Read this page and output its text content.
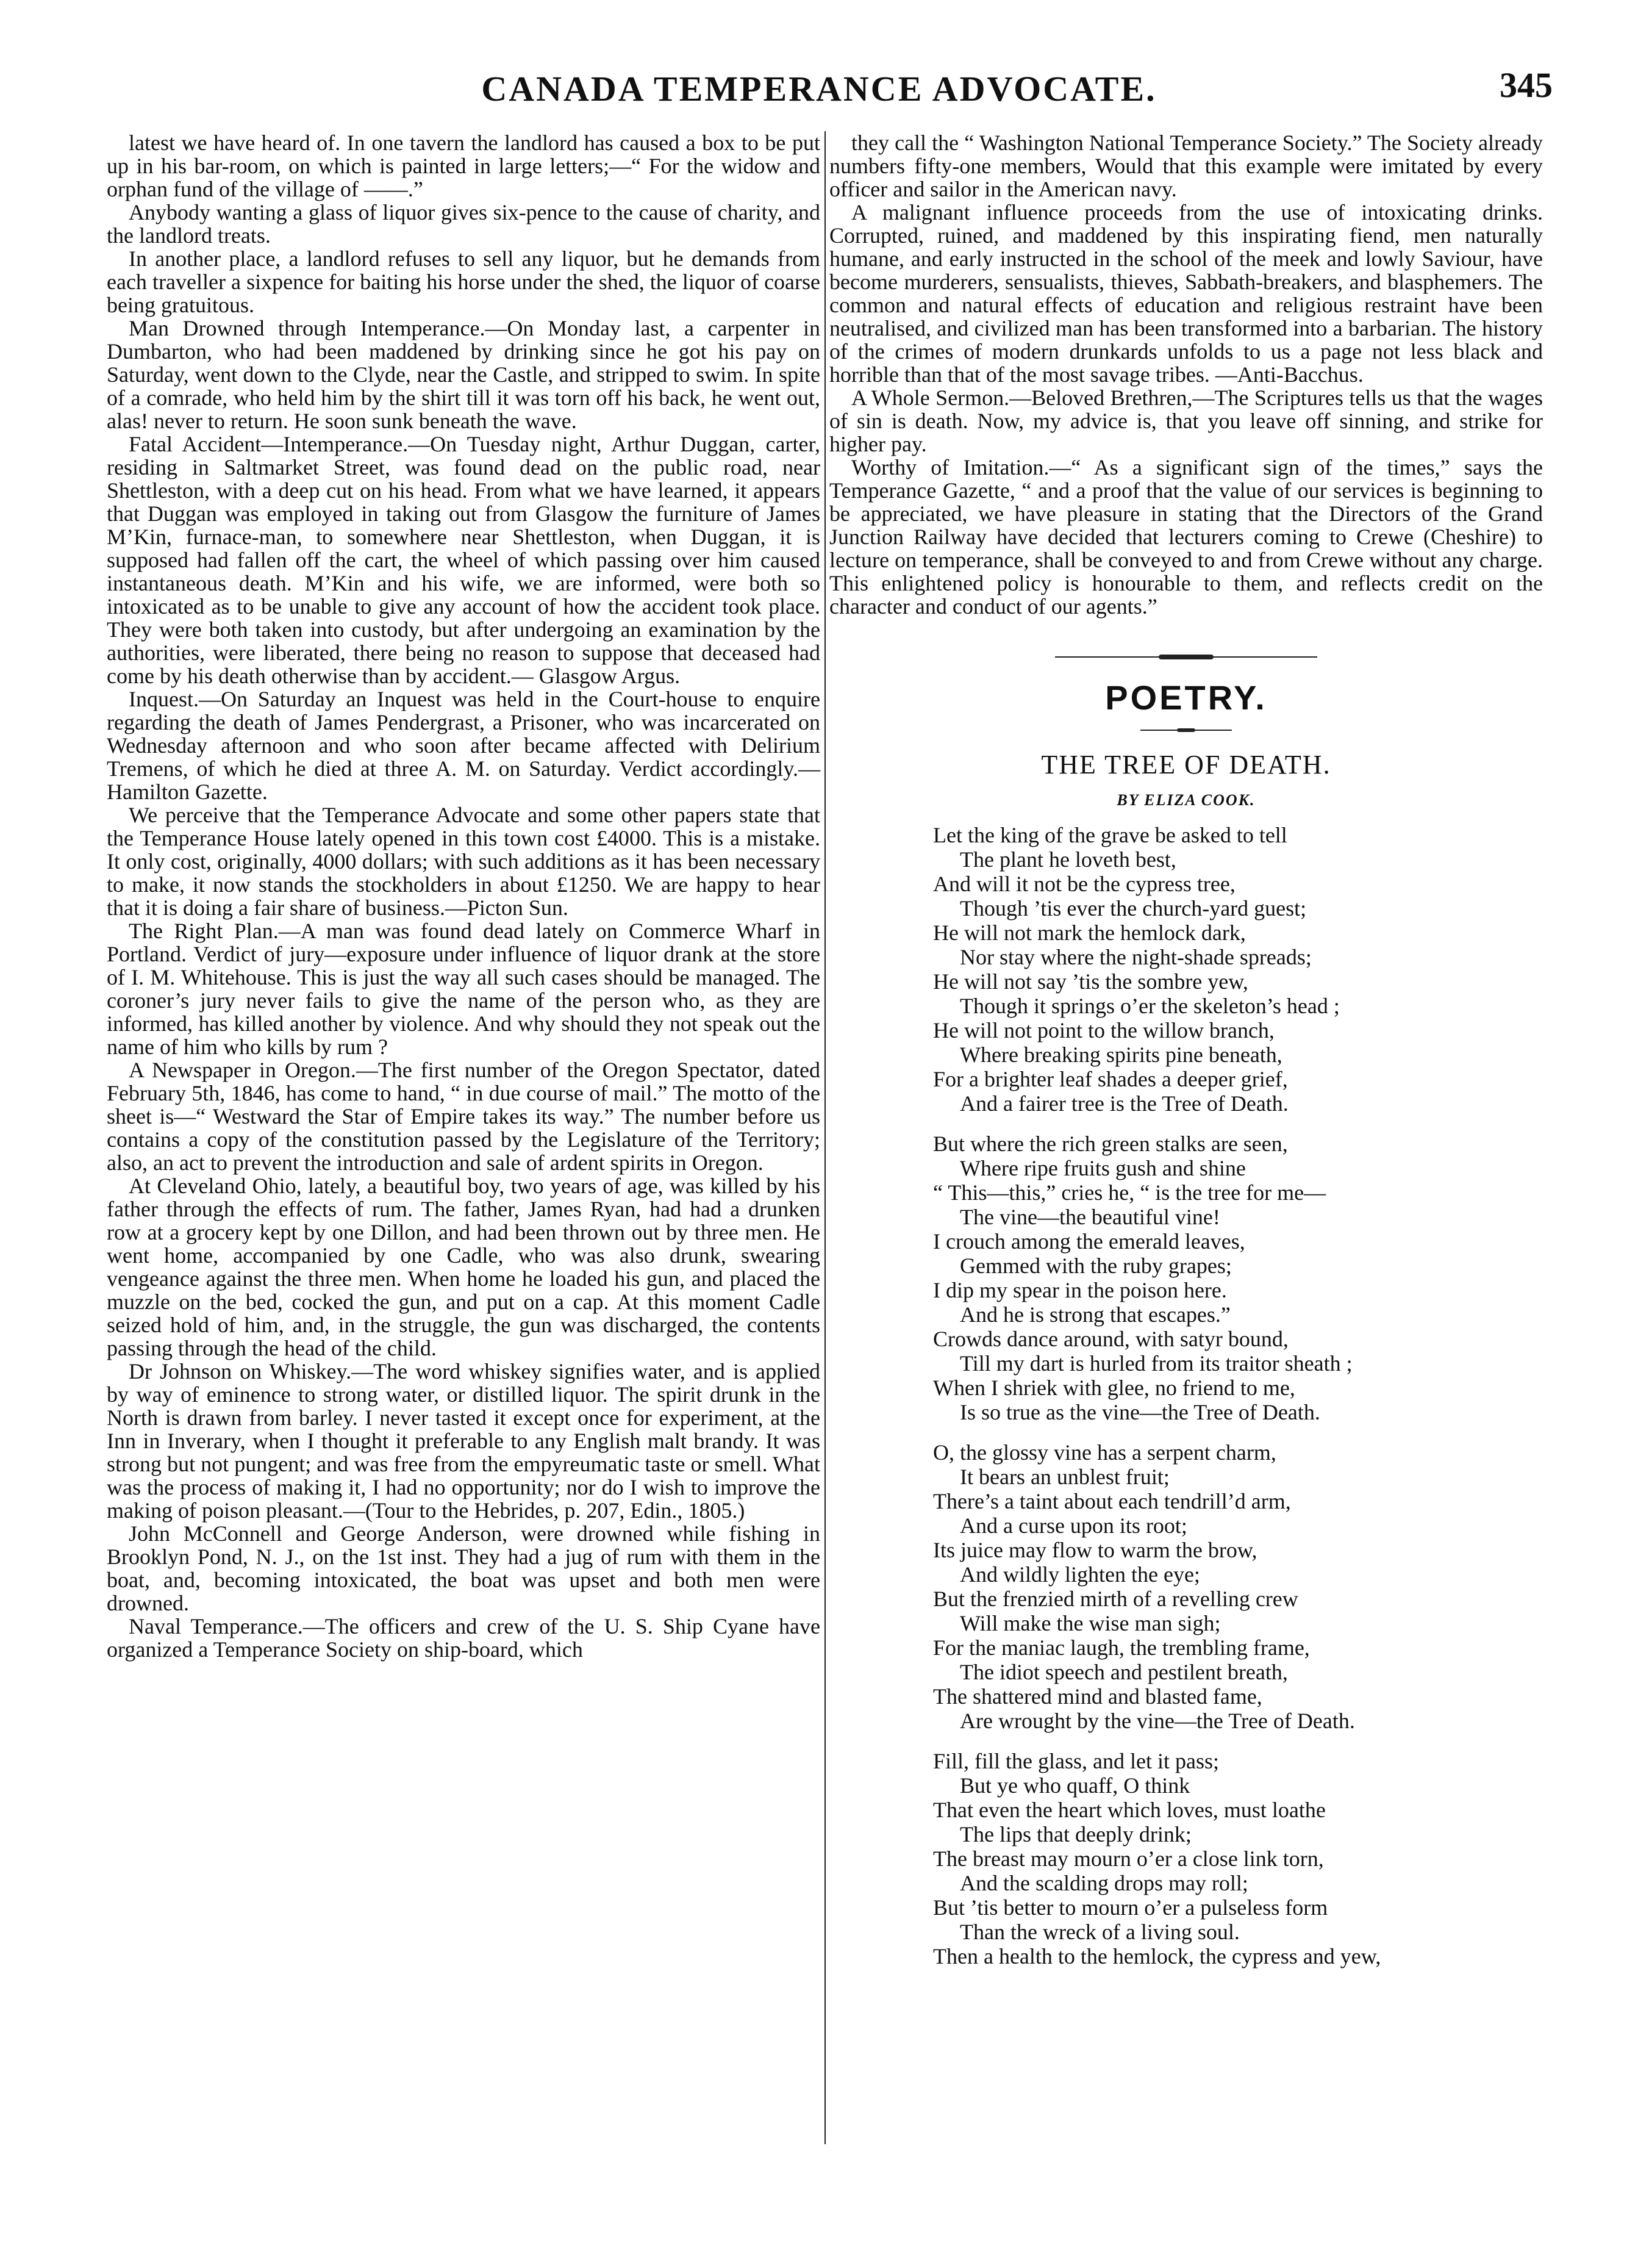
CANADA TEMPERANCE ADVOCATE.	345

latest we have heard of. In one tavern the landlord has caused a box to be put up in his bar-room, on which is painted in large letters;—“ For the widow and orphan fund of the village of ——.”

Anybody wanting a glass of liquor gives six-pence to the cause of charity, and the landlord treats.

In another place, a landlord refuses to sell any liquor, but he demands from each traveller a sixpence for baiting his horse under the shed, the liquor of coarse being gratuitous.

Man Drowned through Intemperance.—On Monday last, a carpenter in Dumbarton, who had been maddened by drinking since he got his pay on Saturday, went down to the Clyde, near the Castle, and stripped to swim. In spite of a comrade, who held him by the shirt till it was torn off his back, he went out, alas! never to return. He soon sunk beneath the wave.

Fatal Accident—Intemperance.—On Tuesday night, Arthur Duggan, carter, residing in Saltmarket Street, was found dead on the public road, near Shettleston, with a deep cut on his head. From what we have learned, it appears that Duggan was employed in taking out from Glasgow the furniture of James M’Kin, furnace-man, to somewhere near Shettleston, when Duggan, it is supposed had fallen off the cart, the wheel of which passing over him caused instantaneous death. M’Kin and his wife, we are informed, were both so intoxicated as to be unable to give any account of how the accident took place. They were both taken into custody, but after undergoing an examination by the authorities, were liberated, there being no reason to suppose that deceased had come by his death otherwise than by accident.— Glasgow Argus.

Inquest.—On Saturday an Inquest was held in the Court-house to enquire regarding the death of James Pendergrast, a Prisoner, who was incarcerated on Wednesday afternoon and who soon after became affected with Delirium Tremens, of which he died at three A. M. on Saturday. Verdict accordingly.—Hamilton Gazette.

We perceive that the Temperance Advocate and some other papers state that the Temperance House lately opened in this town cost £4000. This is a mistake. It only cost, originally, 4000 dollars; with such additions as it has been necessary to make, it now stands the stockholders in about £1250. We are happy to hear that it is doing a fair share of business.—Picton Sun.

The Right Plan.—A man was found dead lately on Commerce Wharf in Portland. Verdict of jury—exposure under influence of liquor drank at the store of I. M. Whitehouse. This is just the way all such cases should be managed. The coroner’s jury never fails to give the name of the person who, as they are informed, has killed another by violence. And why should they not speak out the name of him who kills by rum ?

A Newspaper in Oregon.—The first number of the Oregon Spectator, dated February 5th, 1846, has come to hand, “ in due course of mail.” The motto of the sheet is—“ Westward the Star of Empire takes its way.” The number before us contains a copy of the constitution passed by the Legislature of the Territory; also, an act to prevent the introduction and sale of ardent spirits in Oregon.

At Cleveland Ohio, lately, a beautiful boy, two years of age, was killed by his father through the effects of rum. The father, James Ryan, had had a drunken row at a grocery kept by one Dillon, and had been thrown out by three men. He went home, accompanied by one Cadle, who was also drunk, swearing vengeance against the three men. When home he loaded his gun, and placed the muzzle on the bed, cocked the gun, and put on a cap. At this moment Cadle seized hold of him, and, in the struggle, the gun was discharged, the contents passing through the head of the child.

Dr Johnson on Whiskey.—The word whiskey signifies water, and is applied by way of eminence to strong water, or distilled liquor. The spirit drunk in the North is drawn from barley. I never tasted it except once for experiment, at the Inn in Inverary, when I thought it preferable to any English malt brandy. It was strong but not pungent; and was free from the empyreumatic taste or smell. What was the process of making it, I had no opportunity; nor do I wish to improve the making of poison pleasant.—(Tour to the Hebrides, p. 207, Edin., 1805.)

John McConnell and George Anderson, were drowned while fishing in Brooklyn Pond, N. J., on the 1st inst. They had a jug of rum with them in the boat, and, becoming intoxicated, the boat was upset and both men were drowned.

Naval Temperance.—The officers and crew of the U. S. Ship Cyane have organized a Temperance Society on ship-board, which

they call the “ Washington National Temperance Society.” The Society already numbers fifty-one members, Would that this example were imitated by every officer and sailor in the American navy.

A malignant influence proceeds from the use of intoxicating drinks. Corrupted, ruined, and maddened by this inspirating fiend, men naturally humane, and early instructed in the school of the meek and lowly Saviour, have become murderers, sensualists, thieves, Sabbath-breakers, and blasphemers. The common and natural effects of education and religious restraint have been neutralised, and civilized man has been transformed into a barbarian. The history of the crimes of modern drunkards unfolds to us a page not less black and horrible than that of the most savage tribes. —Anti-Bacchus.

A Whole Sermon.—Beloved Brethren,—The Scriptures tells us that the wages of sin is death. Now, my advice is, that you leave off sinning, and strike for higher pay.

Worthy of Imitation.—“ As a significant sign of the times,” says the Temperance Gazette, “ and a proof that the value of our services is beginning to be appreciated, we have pleasure in stating that the Directors of the Grand Junction Railway have decided that lecturers coming to Crewe (Cheshire) to lecture on temperance, shall be conveyed to and from Crewe without any charge. This enlightened policy is honourable to them, and reflects credit on the character and conduct of our agents.”

POETRY.
THE TREE OF DEATH.
BY ELIZA COOK.
Let the king of the grave be asked to tell
The plant he loveth best,
And will it not be the cypress tree,
Though ’tis ever the church-yard guest;
He will not mark the hemlock dark,
Nor stay where the night-shade spreads;
He will not say ’tis the sombre yew,
Though it springs o’er the skeleton’s head ;
He will not point to the willow branch,
Where breaking spirits pine beneath,
For a brighter leaf shades a deeper grief,
And a fairer tree is the Tree of Death.
But where the rich green stalks are seen,
Where ripe fruits gush and shine
“ This—this,” cries he, “ is the tree for me—
The vine—the beautiful vine!
I crouch among the emerald leaves,
Gemmed with the ruby grapes;
I dip my spear in the poison here.
And he is strong that escapes.”
Crowds dance around, with satyr bound,
Till my dart is hurled from its traitor sheath ;
When I shriek with glee, no friend to me,
Is so true as the vine—the Tree of Death.
O, the glossy vine has a serpent charm,
It bears an unblest fruit;
There’s a taint about each tendrill’d arm,
And a curse upon its root;
Its juice may flow to warm the brow,
And wildly lighten the eye;
But the frenzied mirth of a revelling crew
Will make the wise man sigh;
For the maniac laugh, the trembling frame,
The idiot speech and pestilent breath,
The shattered mind and blasted fame,
Are wrought by the vine—the Tree of Death.
Fill, fill the glass, and let it pass;
But ye who quaff, O think
That even the heart which loves, must loathe
The lips that deeply drink;
The breast may mourn o’er a close link torn,
And the scalding drops may roll;
But ’tis better to mourn o’er a pulseless form
Than the wreck of a living soul.
Then a health to the hemlock, the cypress and yew,
